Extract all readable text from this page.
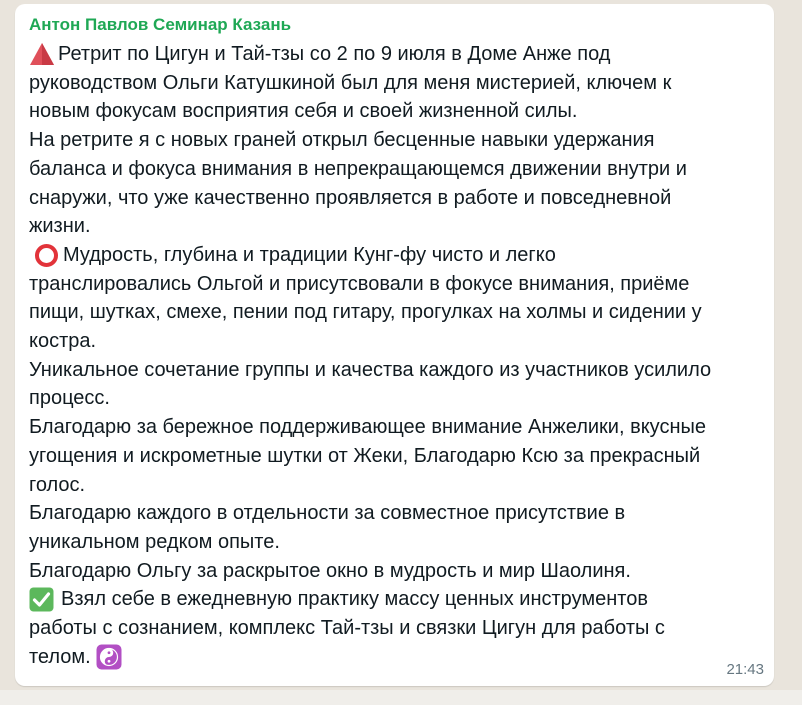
Антон Павлов Семинар Казань
Ретрит по Цигун и Тай-тзы со 2 по 9 июля в Доме Анже под
руководством Ольги Катушкиной был для меня мистерией, ключем к
новым фокусам восприятия себя и своей жизненной силы.
На ретрите я с новых граней открыл бесценные навыки удержания
баланса и фокуса внимания в непрекращающемся движении внутри и
снаружи, что уже качественно проявляется в работе и повседневной
жизни.
Мудрость, глубина и традиции Кунг-фу чисто и легко
транслировались Ольгой и присутсвовали в фокусе внимания, приёме
пищи, шутках, смехе, пении под гитару, прогулках на холмы и сидении у
костра.
Уникальное сочетание группы и качества каждого из участников усилило
процесс.
Благодарю за бережное поддерживающее внимание Анжелики, вкусные
угощения и искрометные шутки от Жеки, Благодарю Ксю за прекрасный
голос.
Благодарю каждого в отдельности за совместное присутствие в
уникальном редком опыте.
Благодарю Ольгу за раскрытое окно в мудрость и мир Шаолиня.
Взял себе в ежедневную практику массу ценных инструментов
работы с сознанием, комплекс Тай-тзы и связки Цигун для работы с
телом.
21:43
